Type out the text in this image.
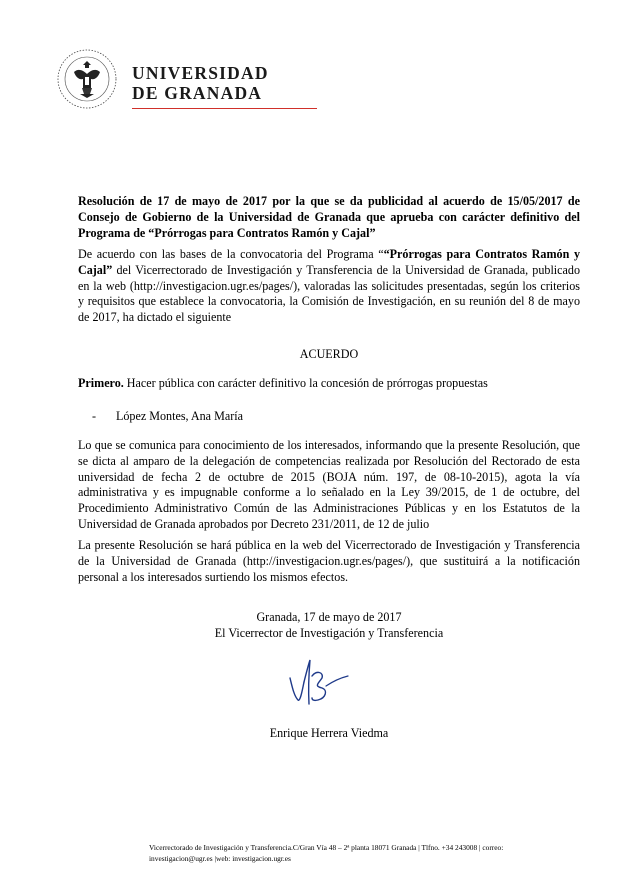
UNIVERSIDAD
DE GRANADA
Resolución de 17 de mayo de 2017 por la que se da publicidad al acuerdo de 15/05/2017 de Consejo de Gobierno de la Universidad de Granada que aprueba con carácter definitivo del Programa de “Prórrogas para Contratos Ramón y Cajal”
De acuerdo con las bases de la convocatoria del Programa ““Prórrogas para Contratos Ramón y Cajal” del Vicerrectorado de Investigación y Transferencia de la Universidad de Granada, publicado en la web (http://investigacion.ugr.es/pages/), valoradas las solicitudes presentadas, según los criterios y requisitos que establece la convocatoria, la Comisión de Investigación, en su reunión del 8 de mayo de 2017, ha dictado el siguiente
ACUERDO
Primero. Hacer pública con carácter definitivo la concesión de prórrogas propuestas
- López Montes, Ana María
Lo que se comunica para conocimiento de los interesados, informando que la presente Resolución, que se dicta al amparo de la delegación de competencias realizada por Resolución del Rectorado de esta universidad de fecha 2 de octubre de 2015 (BOJA núm. 197, de 08-10-2015), agota la vía administrativa y es impugnable conforme a lo señalado en la Ley 39/2015, de 1 de octubre, del Procedimiento Administrativo Común de las Administraciones Públicas y en los Estatutos de la Universidad de Granada aprobados por Decreto 231/2011, de 12 de julio
La presente Resolución se hará pública en la web del Vicerrectorado de Investigación y Transferencia de la Universidad de Granada (http://investigacion.ugr.es/pages/), que sustituirá a la notificación personal a los interesados surtiendo los mismos efectos.
Granada, 17 de mayo de 2017
El Vicerrector de Investigación y Transferencia
Enrique Herrera Viedma
Vicerrectorado de Investigación y Transferencia.C/Gran Vía 48 – 2ª planta 18071 Granada | Tlfno. +34 243008 | correo:
investigacion@ugr.es |web: investigacion.ugr.es
